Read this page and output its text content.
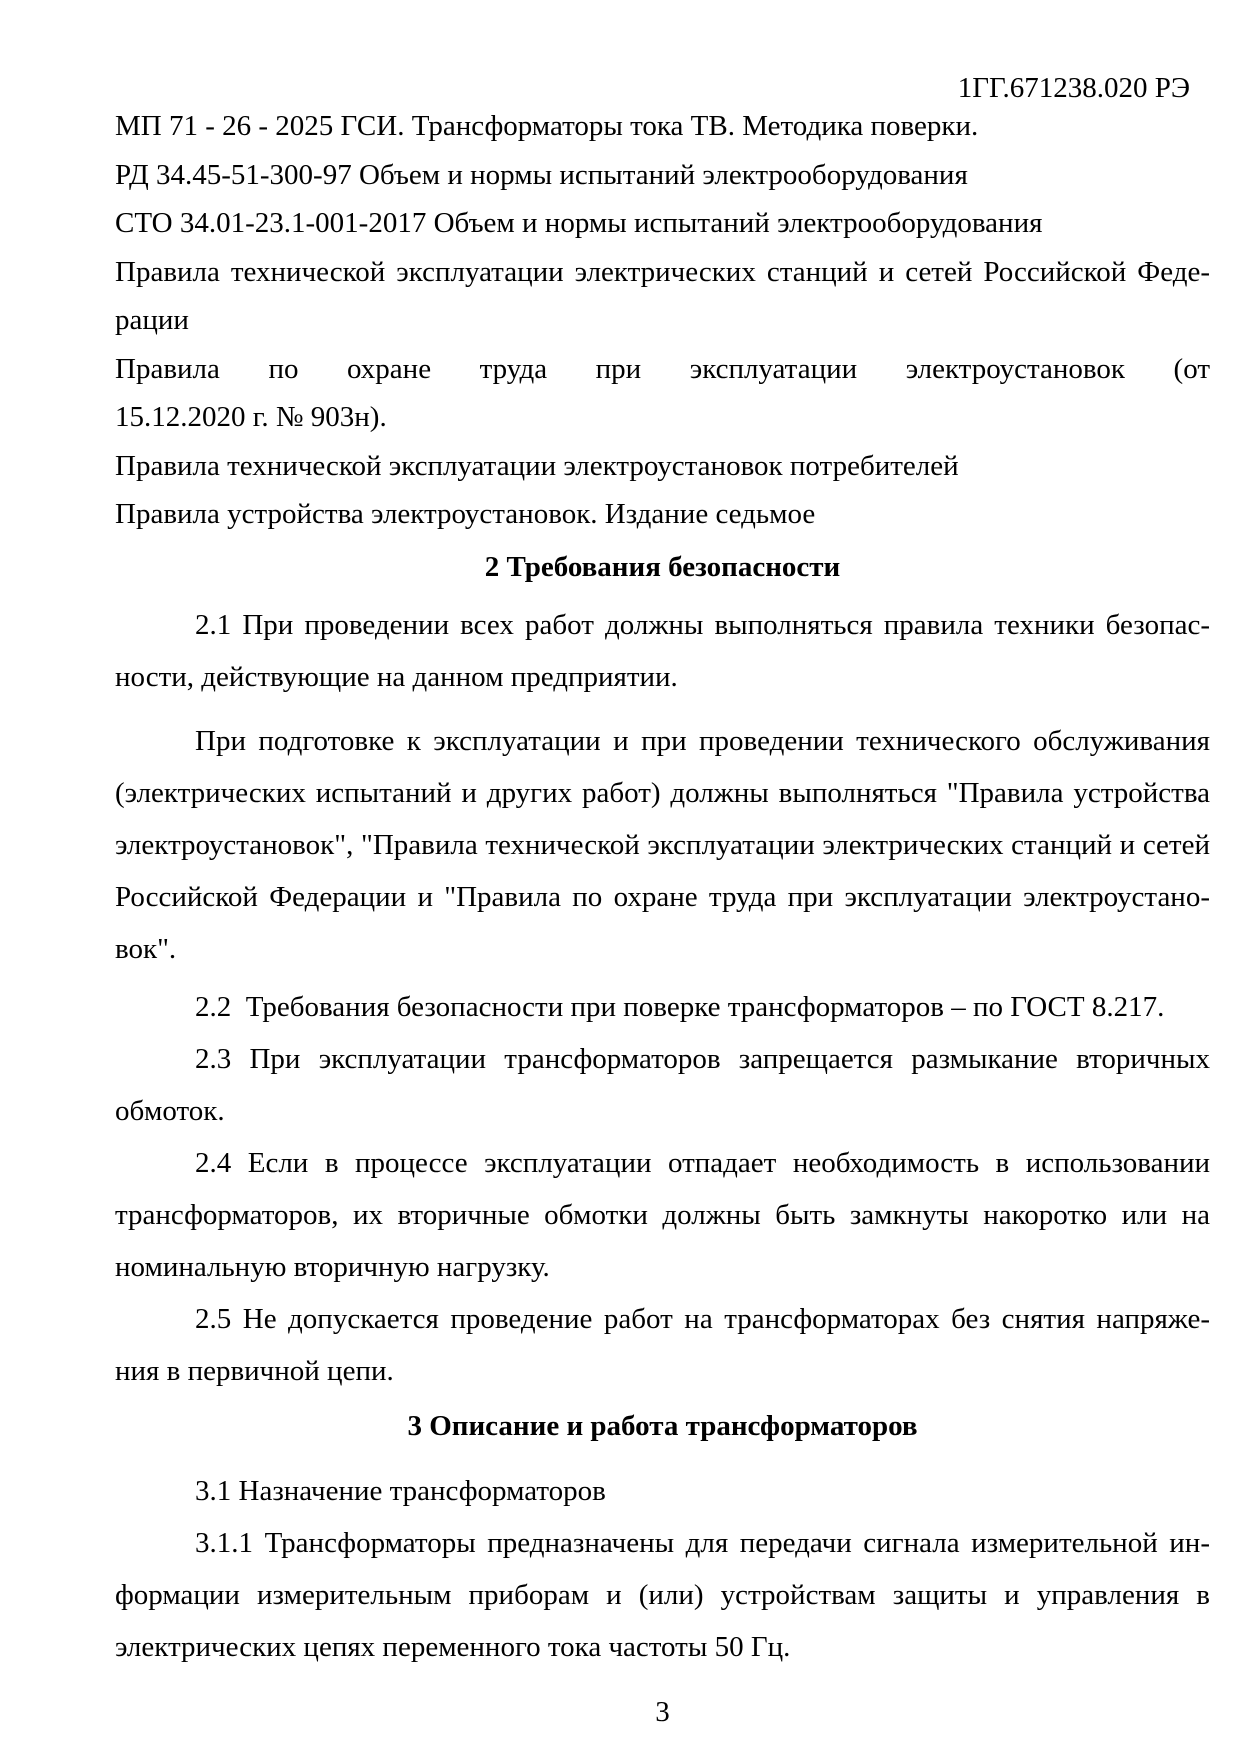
1ГГ.671238.020 РЭ
МП 71 - 26 - 2025 ГСИ. Трансформаторы тока ТВ. Методика поверки.
РД 34.45-51-300-97 Объем и нормы испытаний электрооборудования
СТО 34.01-23.1-001-2017 Объем и нормы испытаний электрооборудования
Правила технической эксплуатации электрических станций и сетей Российской Феде-
рации
Правила по охране труда при эксплуатации электроустановок (от
15.12.2020 г. № 903н).
Правила технической эксплуатации электроустановок потребителей
Правила устройства электроустановок. Издание седьмое
2 Требования безопасности
2.1 При проведении всех работ должны выполняться правила техники безопас-
ности, действующие на данном предприятии.
При подготовке к эксплуатации и при проведении технического обслуживания
(электрических испытаний и других работ) должны выполняться "Правила устройства
электроустановок", "Правила технической эксплуатации электрических станций и сетей
Российской Федерации и "Правила по охране труда при эксплуатации электроустано-
вок".
2.2  Требования безопасности при поверке трансформаторов – по ГОСТ 8.217.
2.3 При эксплуатации трансформаторов запрещается размыкание вторичных
обмоток.
2.4 Если в процессе эксплуатации отпадает необходимость в использовании
трансформаторов, их вторичные обмотки должны быть замкнуты накоротко или на
номинальную вторичную нагрузку.
2.5 Не допускается проведение работ на трансформаторах без снятия напряже-
ния в первичной цепи.
3 Описание и работа трансформаторов
3.1 Назначение трансформаторов
3.1.1 Трансформаторы предназначены для передачи сигнала измерительной ин-
формации измерительным приборам и (или) устройствам защиты и управления в
электрических цепях переменного тока частоты 50 Гц.
3
